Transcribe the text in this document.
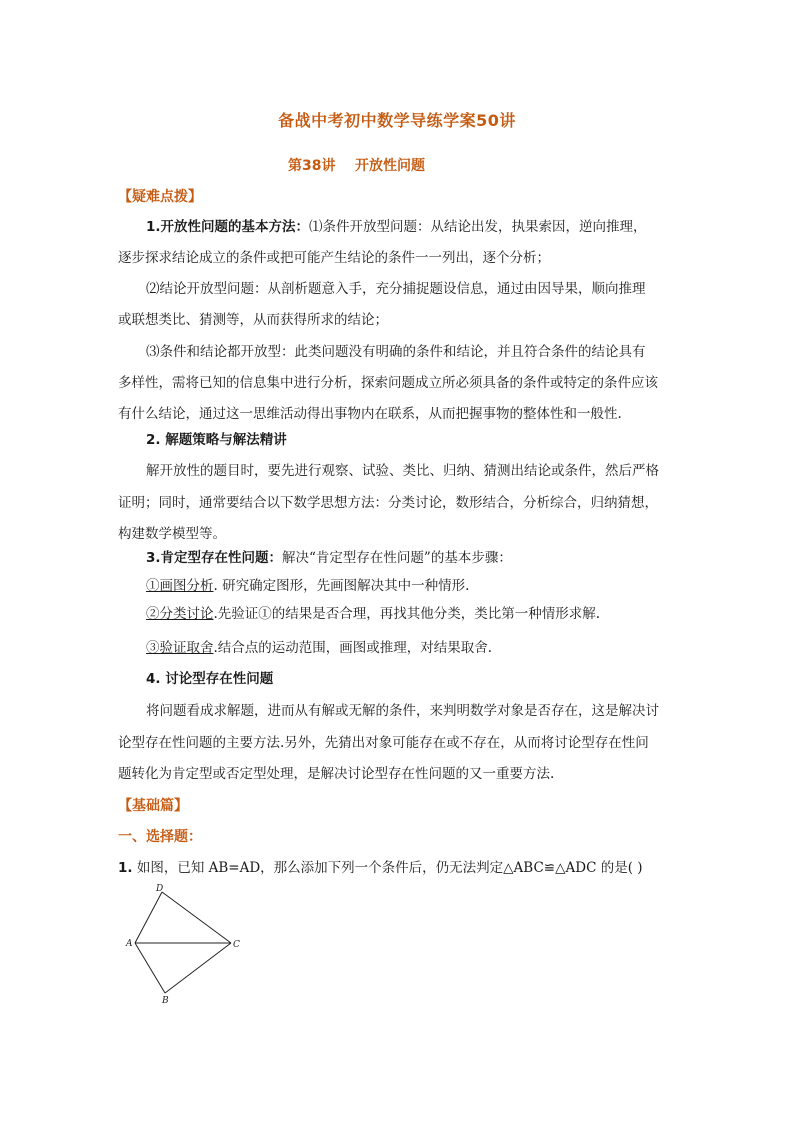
备战中考初中数学导练学案50讲
第38讲    开放性问题
【疑难点拨】
1.开放性问题的基本方法：⑴条件开放型问题：从结论出发，执果索因，逆向推理，
逐步探求结论成立的条件或把可能产生结论的条件一一列出，逐个分析；
⑵结论开放型问题：从剖析题意入手，充分捕捉题设信息，通过由因导果，顺向推理
或联想类比、猜测等，从而获得所求的结论；
⑶条件和结论都开放型：此类问题没有明确的条件和结论，并且符合条件的结论具有
多样性，需将已知的信息集中进行分析，探索问题成立所必须具备的条件或特定的条件应该
有什么结论，通过这一思维活动得出事物内在联系，从而把握事物的整体性和一般性.
2. 解题策略与解法精讲
解开放性的题目时，要先进行观察、试验、类比、归纳、猜测出结论或条件，然后严格
证明；同时，通常要结合以下数学思想方法：分类讨论，数形结合，分析综合，归纳猜想，
构建数学模型等。
3.肯定型存在性问题：解决“肯定型存在性问题”的基本步骤：
①画图分析. 研究确定图形，先画图解决其中一种情形.
②分类讨论.先验证①的结果是否合理，再找其他分类，类比第一种情形求解.
③验证取舍.结合点的运动范围，画图或推理，对结果取舍.
4. 讨论型存在性问题
将问题看成求解题，进而从有解或无解的条件，来判明数学对象是否存在，这是解决讨
论型存在性问题的主要方法.另外，先猜出对象可能存在或不存在，从而将讨论型存在性问
题转化为肯定型或否定型处理，是解决讨论型存在性问题的又一重要方法.
【基础篇】
一、选择题：
1. 如图，已知 AB=AD，那么添加下列一个条件后，仍无法判定△ABC≌△ADC 的是( )
D
A	C
B
